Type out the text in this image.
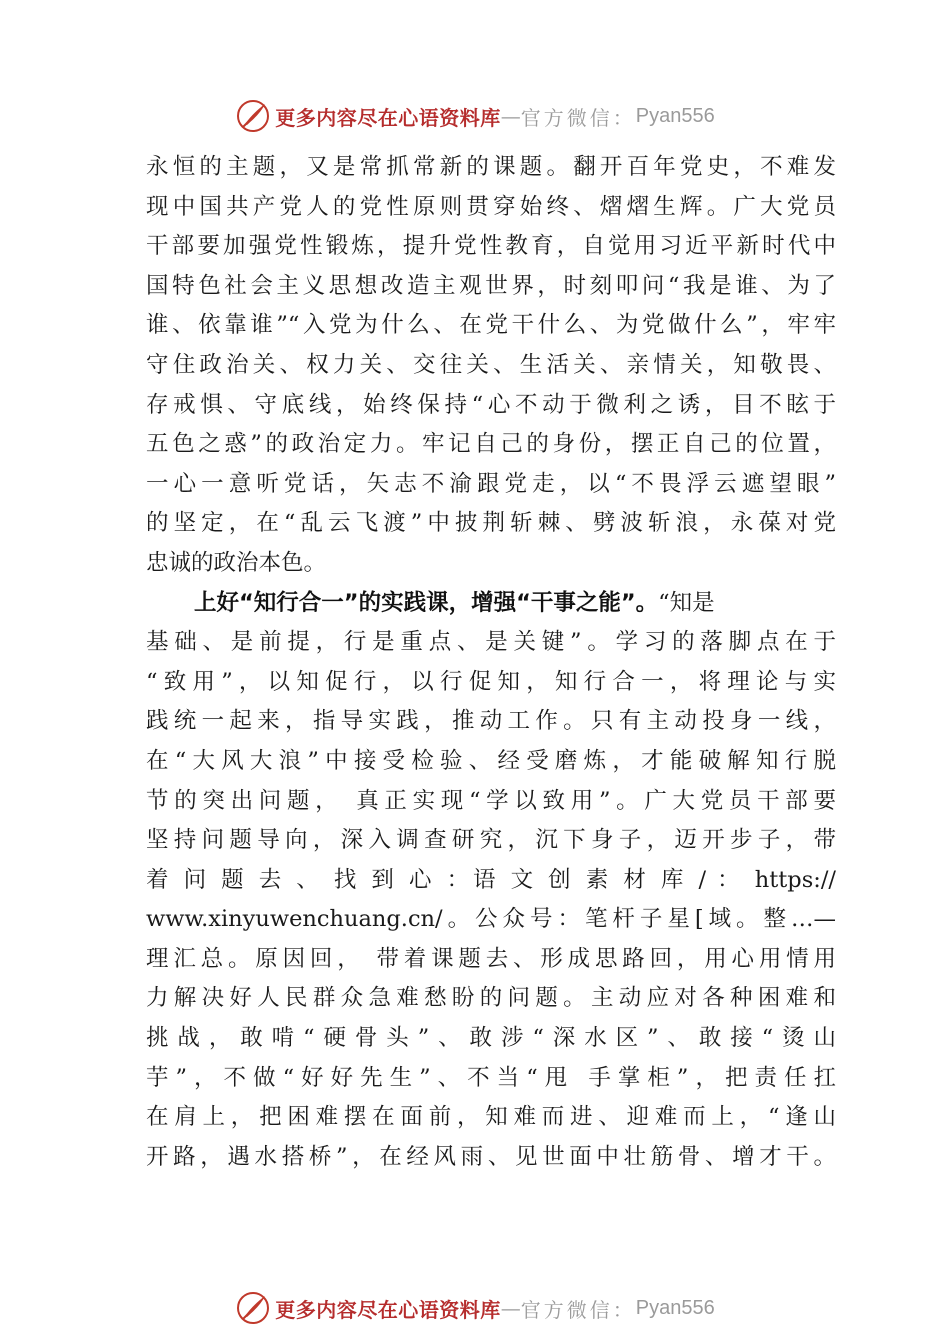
更多内容尽在心语资料库 — 官方微信： Pyan556
永恒的主题，又是常抓常新的课题。翻开百年党史，不难发
现中国共产党人的党性原则贯穿始终、熠熠生辉。广大党员
干部要加强党性锻炼，提升党性教育，自觉用习近平新时代中
国特色社会主义思想改造主观世界，时刻叩问“我是谁、为了
谁、依靠谁”“入党为什么、在党干什么、为党做什么”，牢牢
守住政治关、权力关、交往关、生活关、亲情关，知敬畏、
存戒惧、守底线，始终保持“心不动于微利之诱，目不眩于
五色之惑”的政治定力。牢记自己的身份，摆正自己的位置，
一心一意听党话，矢志不渝跟党走，以“不畏浮云遮望眼”
的坚定，在“乱云飞渡”中披荆斩棘、劈波斩浪，永葆对党
忠诚的政治本色。
上好“知行合一”的实践课，增强“干事之能”。“知是
基础、是前提，行是重点、是关键”。学习的落脚点在于
“致用”，以知促行，以行促知，知行合一，将理论与实
践统一起来，指导实践，推动工作。只有主动投身一线，
在“大风大浪”中接受检验、经受磨炼，才能破解知行脱
节的突出问题， 真正实现“学以致用”。广大党员干部要
坚持问题导向，深入调查研究，沉下身子，迈开步子，带
着 问 题 去 、 找 到 心 ：语 文 创 素 材 库 / ： https://
www.xinyuwenchuang.cn/。公众号：笔杆子星[域。整…—
理汇总。原因回， 带着课题去、形成思路回，用心用情用
力解决好人民群众急难愁盼的问题。主动应对各种困难和
挑战，敢啃“硬骨头”、敢涉“深水区”、敢接“烫山
芋”，不做“好好先生”、不当“甩 手掌柜”，把责任扛
在肩上，把困难摆在面前，知难而进、迎难而上，“逢山
开路，遇水搭桥”，在经风雨、见世面中壮筋骨、增才干。
更多内容尽在心语资料库 — 官方微信： Pyan556
